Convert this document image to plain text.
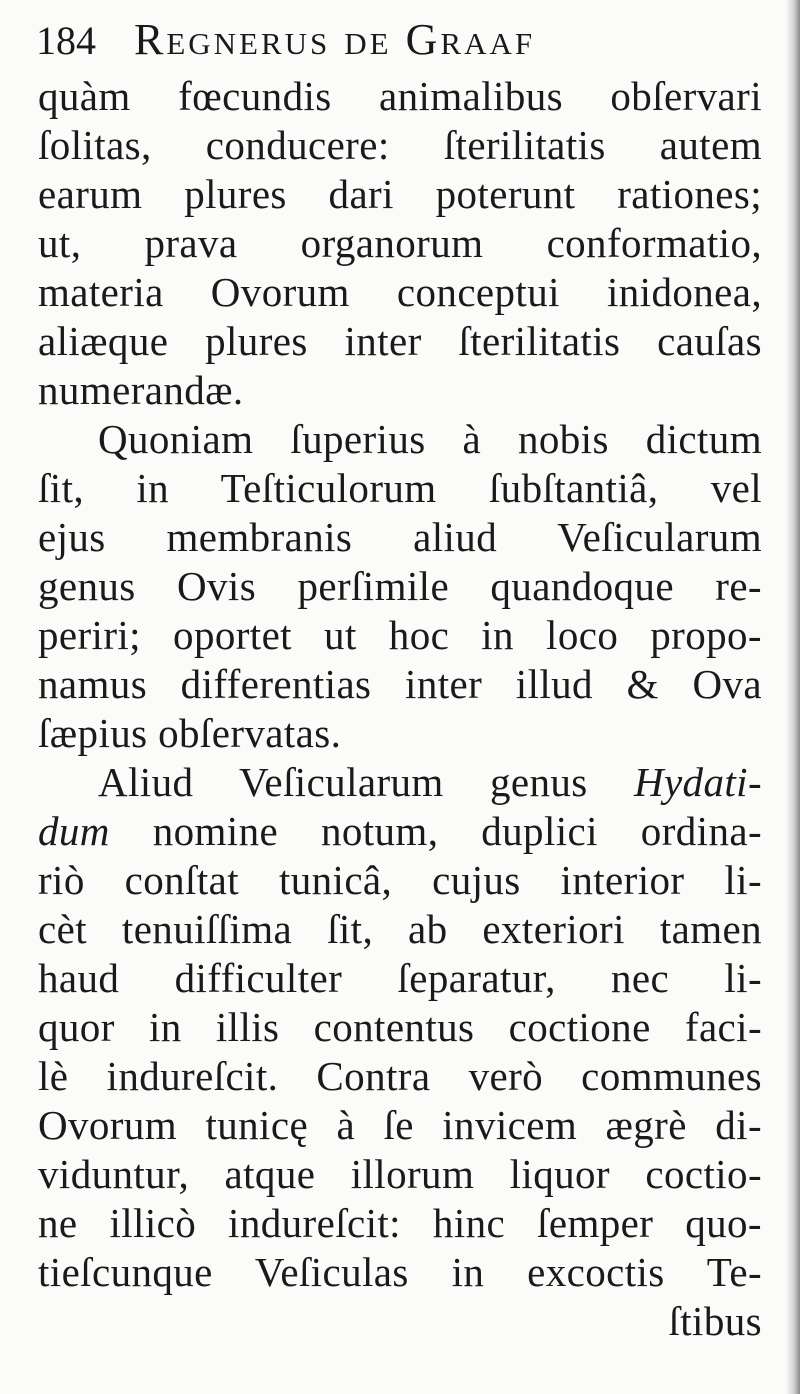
184 Regnerus de Graaf
quàm fœcundis animalibus obſervari
ſolitas, conducere: ſterilitatis autem
earum plures dari poterunt rationes;
ut, prava organorum conformatio,
materia Ovorum conceptui inidonea,
aliæque plures inter ſterilitatis cauſas
numerandæ.
Quoniam ſuperius à nobis dictum
ſit, in Teſticulorum ſubſtantiâ, vel
ejus membranis aliud Veſicularum
genus Ovis perſimile quandoque re-
periri; oportet ut hoc in loco propo-
namus differentias inter illud & Ova
ſæpius obſervatas.
Aliud Veſicularum genus Hydati-
dum nomine notum, duplici ordina-
riò conſtat tunicâ, cujus interior li-
cèt tenuiſſima ſit, ab exteriori tamen
haud difficulter ſeparatur, nec li-
quor in illis contentus coctione faci-
lè indureſcit. Contra verò communes
Ovorum tunicę à ſe invicem ægrè di-
viduntur, atque illorum liquor coctio-
ne illicò indureſcit: hinc ſemper quo-
tieſcunque Veſiculas in excoctis Te-
ſtibus
